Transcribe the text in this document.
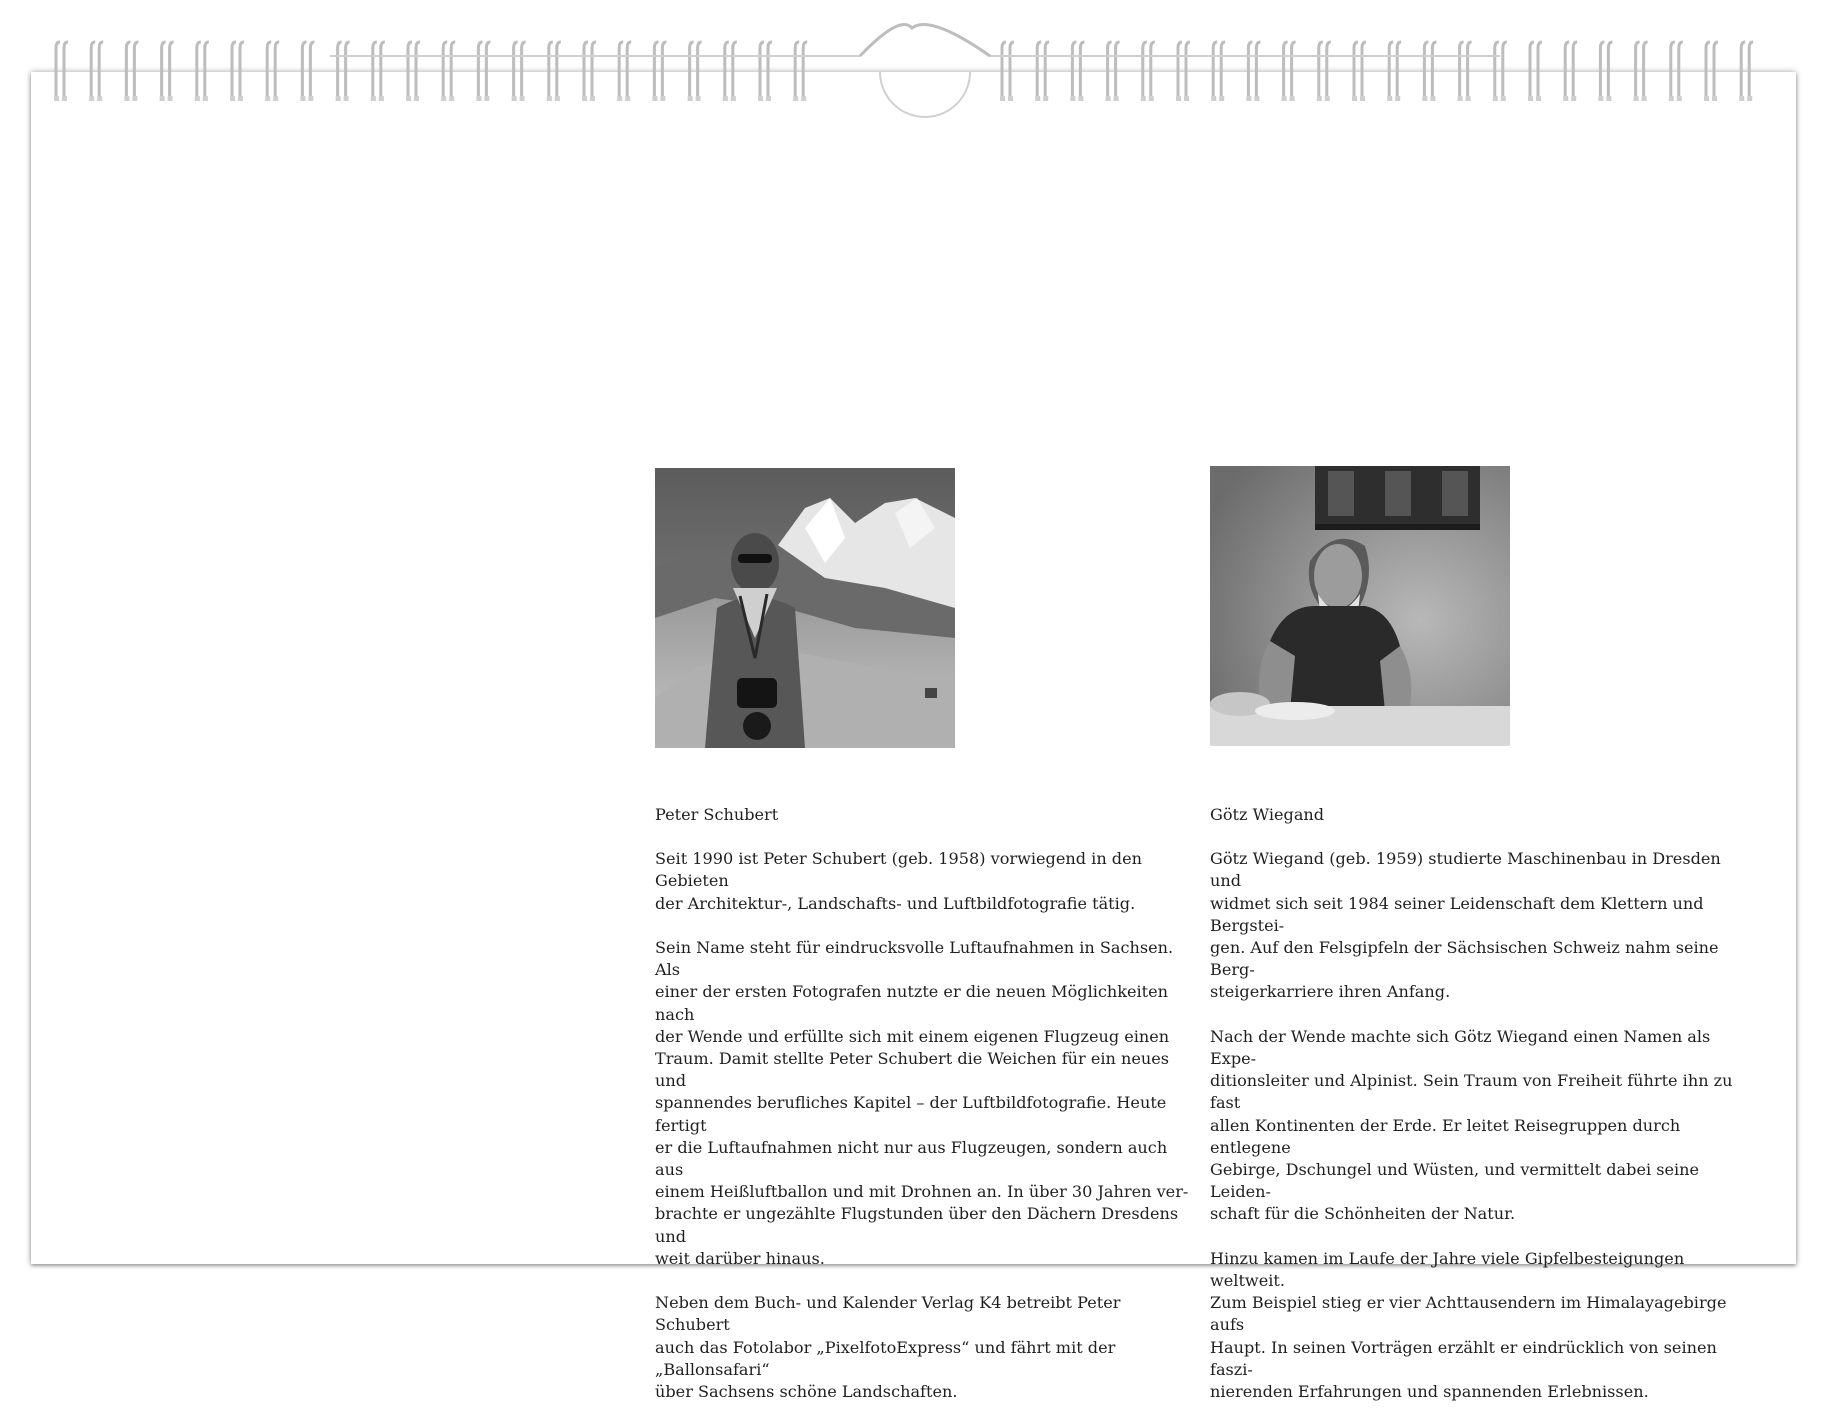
Peter Schubert

Seit 1990 ist Peter Schubert (geb. 1958) vorwiegend in den Gebieten
der Architektur-, Landschafts- und Luftbildfotografie tätig.

Sein Name steht für eindrucksvolle Luftaufnahmen in Sachsen. Als
einer der ersten Fotografen nutzte er die neuen Möglichkeiten nach
der Wende und erfüllte sich mit einem eigenen Flugzeug einen
Traum. Damit stellte Peter Schubert die Weichen für ein neues und
spannendes berufliches Kapitel – der Luftbildfotografie. Heute fertigt
er die Luftaufnahmen nicht nur aus Flugzeugen, sondern auch aus
einem Heißluftballon und mit Drohnen an. In über 30 Jahren ver-
brachte er ungezählte Flugstunden über den Dächern Dresdens und
weit darüber hinaus.

Neben dem Buch- und Kalender Verlag K4 betreibt Peter Schubert
auch das Fotolabor „PixelfotoExpress“ und fährt mit der „Ballonsafari“
über Sachsens schöne Landschaften.

Götz Wiegand

Götz Wiegand (geb. 1959) studierte Maschinenbau in Dresden und
widmet sich seit 1984 seiner Leidenschaft dem Klettern und Bergstei-
gen. Auf den Felsgipfeln der Sächsischen Schweiz nahm seine Berg-
steigerkarriere ihren Anfang.

Nach der Wende machte sich Götz Wiegand einen Namen als Expe-
ditionsleiter und Alpinist. Sein Traum von Freiheit führte ihn zu fast
allen Kontinenten der Erde. Er leitet Reisegruppen durch entlegene
Gebirge, Dschungel und Wüsten, und vermittelt dabei seine Leiden-
schaft für die Schönheiten der Natur.

Hinzu kamen im Laufe der Jahre viele Gipfelbesteigungen weltweit.
Zum Beispiel stieg er vier Achttausendern im Himalayagebirge aufs
Haupt. In seinen Vorträgen erzählt er eindrücklich von seinen faszi-
nierenden Erfahrungen und spannenden Erlebnissen.
